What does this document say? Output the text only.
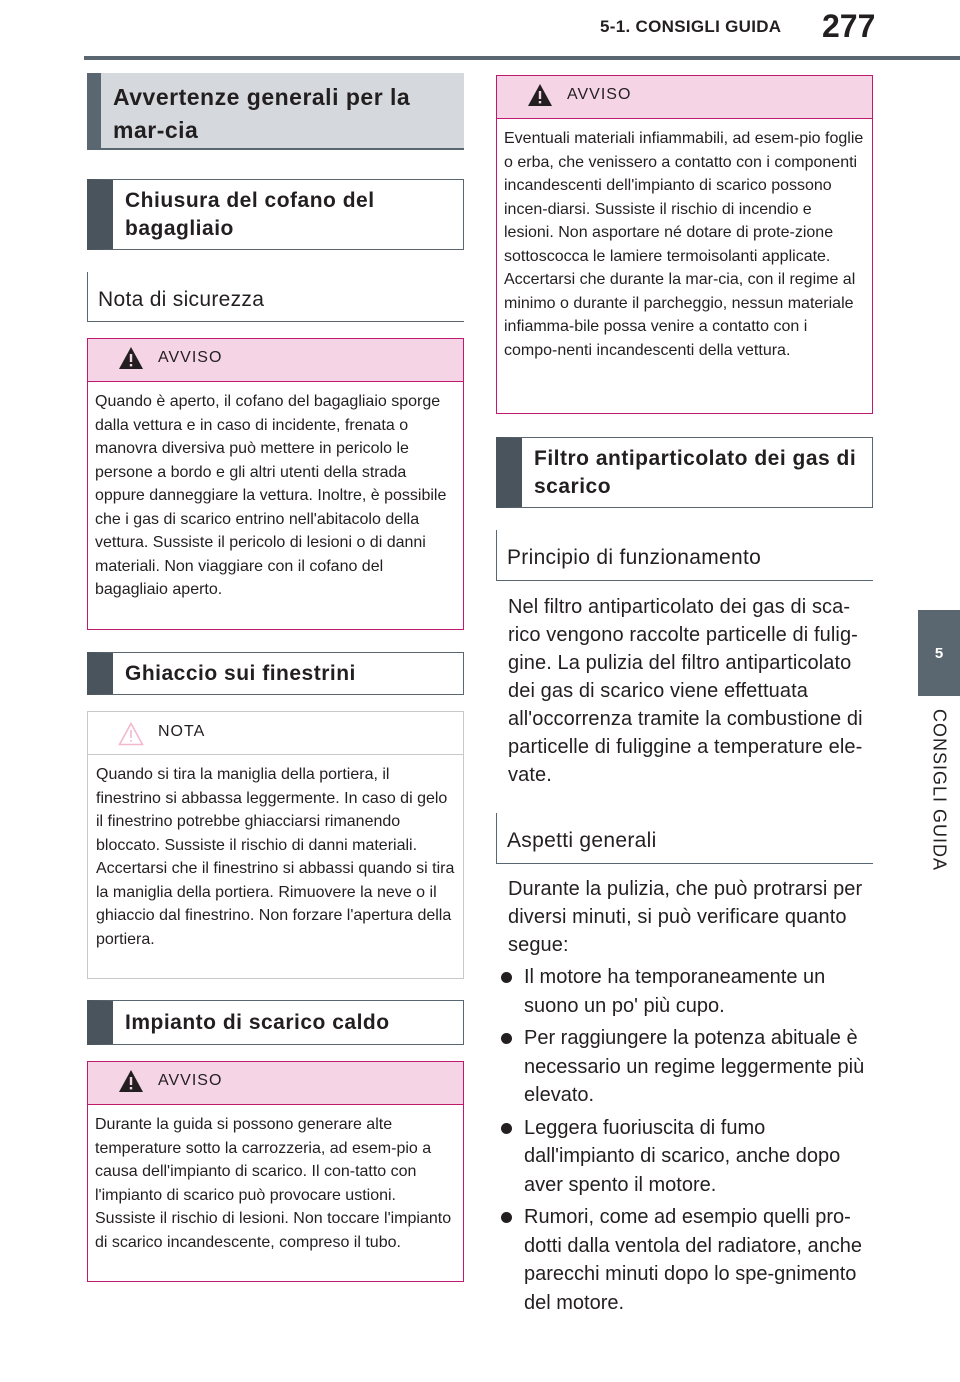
5-1. CONSIGLI GUIDA 277
5
CONSIGLI GUIDA
Avvertenze generali per la mar-cia
Chiusura del cofano del bagagliaio
Nota di sicurezza
AVVISO
Quando è aperto, il cofano del bagagliaio sporge dalla vettura e in caso di incidente, frenata o manovra diversiva può mettere in pericolo le persone a bordo e gli altri utenti della strada oppure danneggiare la vettura. Inoltre, è possibile che i gas di scarico entrino nell'abitacolo della vettura. Sussiste il pericolo di lesioni o di danni materiali. Non viaggiare con il cofano del bagagliaio aperto.
Ghiaccio sui finestrini
NOTA
Quando si tira la maniglia della portiera, il finestrino si abbassa leggermente. In caso di gelo il finestrino potrebbe ghiacciarsi rimanendo bloccato. Sussiste il rischio di danni materiali. Accertarsi che il finestrino si abbassi quando si tira la maniglia della portiera. Rimuovere la neve o il ghiaccio dal finestrino. Non forzare l'apertura della portiera.
Impianto di scarico caldo
AVVISO
Durante la guida si possono generare alte temperature sotto la carrozzeria, ad esem-pio a causa dell'impianto di scarico. Il con-tatto con l'impianto di scarico può provocare ustioni. Sussiste il rischio di lesioni. Non toccare l'impianto di scarico incandescente, compreso il tubo.
AVVISO
Eventuali materiali infiammabili, ad esem-pio foglie o erba, che venissero a contatto con i componenti incandescenti dell'impianto di scarico possono incen-diarsi. Sussiste il rischio di incendio e lesioni. Non asportare né dotare di prote-zione sottoscocca le lamiere termoisolanti applicate. Accertarsi che durante la mar-cia, con il regime al minimo o durante il parcheggio, nessun materiale infiamma-bile possa venire a contatto con i compo-nenti incandescenti della vettura.
Filtro antiparticolato dei gas di scarico
Principio di funzionamento
Nel filtro antiparticolato dei gas di sca-rico vengono raccolte particelle di fulig-gine. La pulizia del filtro antiparticolato dei gas di scarico viene effettuata all'occorrenza tramite la combustione di particelle di fuliggine a temperature ele-vate.
Aspetti generali
Durante la pulizia, che può protrarsi per diversi minuti, si può verificare quanto segue:
Il motore ha temporaneamente un suono un po' più cupo.
Per raggiungere la potenza abituale è necessario un regime leggermente più elevato.
Leggera fuoriuscita di fumo dall'impianto di scarico, anche dopo aver spento il motore.
Rumori, come ad esempio quelli pro-dotti dalla ventola del radiatore, anche parecchi minuti dopo lo spe-gnimento del motore.
